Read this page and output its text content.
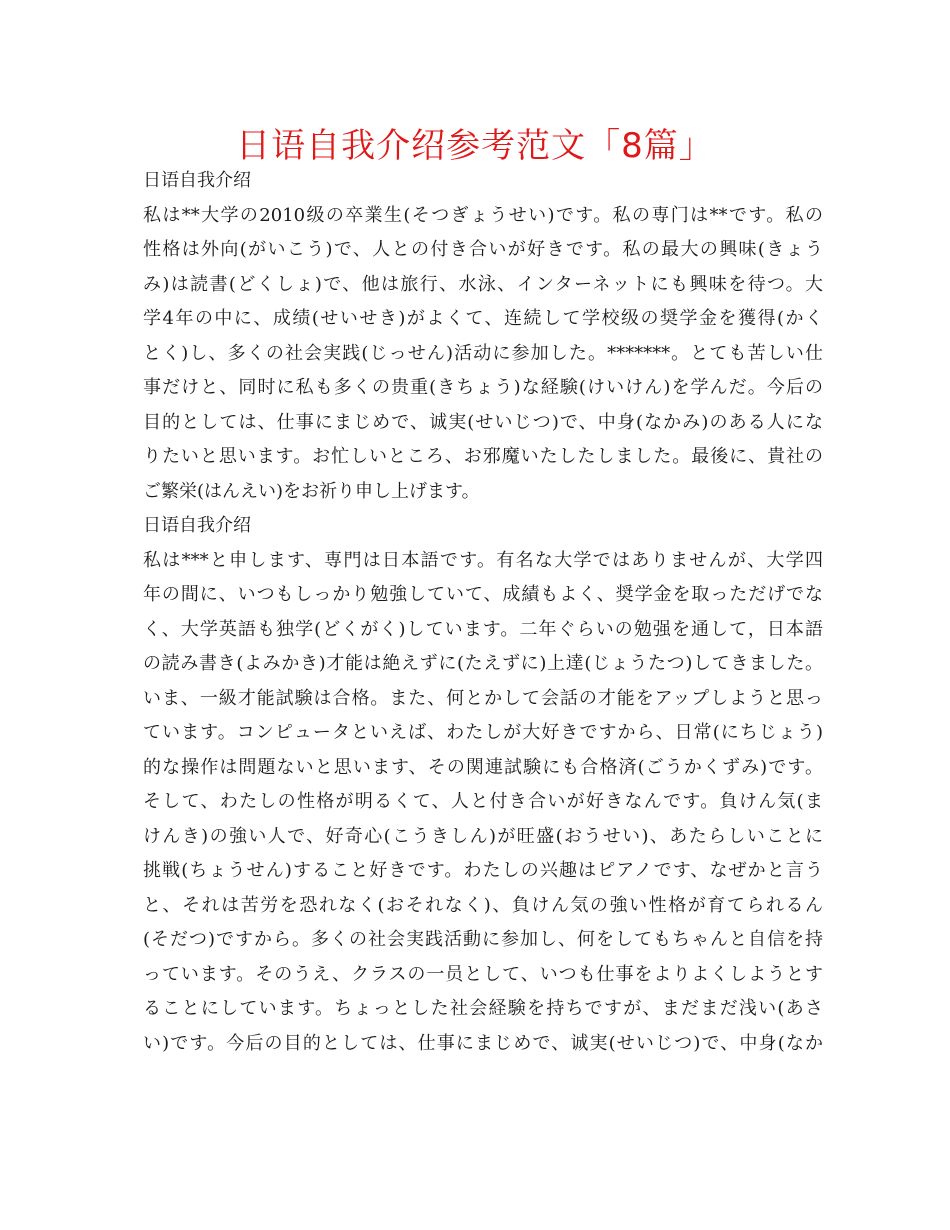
日语自我介绍参考范文「8篇」
日语自我介绍
私は**大学の2010级の卒業生(そつぎょうせい)です。私の専门は**です。私の
性格は外向(がいこう)で、人との付き合いが好きです。私の最大の興味(きょう
み)は読書(どくしょ)で、他は旅行、水泳、インターネットにも興味を待つ。大
学4年の中に、成绩(せいせき)がよくて、连続して学校级の奨学金を獲得(かく
とく)し、多くの社会実践(じっせん)活动に参加した。*******。とても苦しい仕
事だけと、同时に私も多くの贵重(きちょう)な経験(けいけん)を学んだ。今后の
目的としては、仕事にまじめで、诚実(せいじつ)で、中身(なかみ)のある人にな
りたいと思います。お忙しいところ、お邪魔いたしたしました。最後に、貴社の
ご繁栄(はんえい)をお祈り申し上げます。
日语自我介绍
私は***と申します、専門は日本語です。有名な大学ではありませんが、大学四
年の間に、いつもしっかり勉強していて、成績もよく、奨学金を取っただげでな
く、大学英語も独学(どくがく)しています。二年ぐらいの勉强を通して，日本語
の読み書き(よみかき)才能は絶えずに(たえずに)上達(じょうたつ)してきました。
いま、一級才能試験は合格。また、何とかして会話の才能をアップしようと思っ
ています。コンピュータといえば、わたしが大好きですから、日常(にちじょう)
的な操作は問題ないと思います、その関連試験にも合格済(ごうかくずみ)です。
そして、わたしの性格が明るくて、人と付き合いが好きなんです。負けん気(ま
けんき)の強い人で、好奇心(こうきしん)が旺盛(おうせい)、あたらしいことに
挑戦(ちょうせん)すること好きです。わたしの兴趣はピアノです、なぜかと言う
と、それは苦労を恐れなく(おそれなく)、負けん気の強い性格が育てられるん
(そだつ)ですから。多くの社会実践活動に参加し、何をしてもちゃんと自信を持
っています。そのうえ、クラスの一员として、いつも仕事をよりよくしようとす
ることにしています。ちょっとした社会経験を持ちですが、まだまだ浅い(あさ
い)です。今后の目的としては、仕事にまじめで、诚実(せいじつ)で、中身(なか
